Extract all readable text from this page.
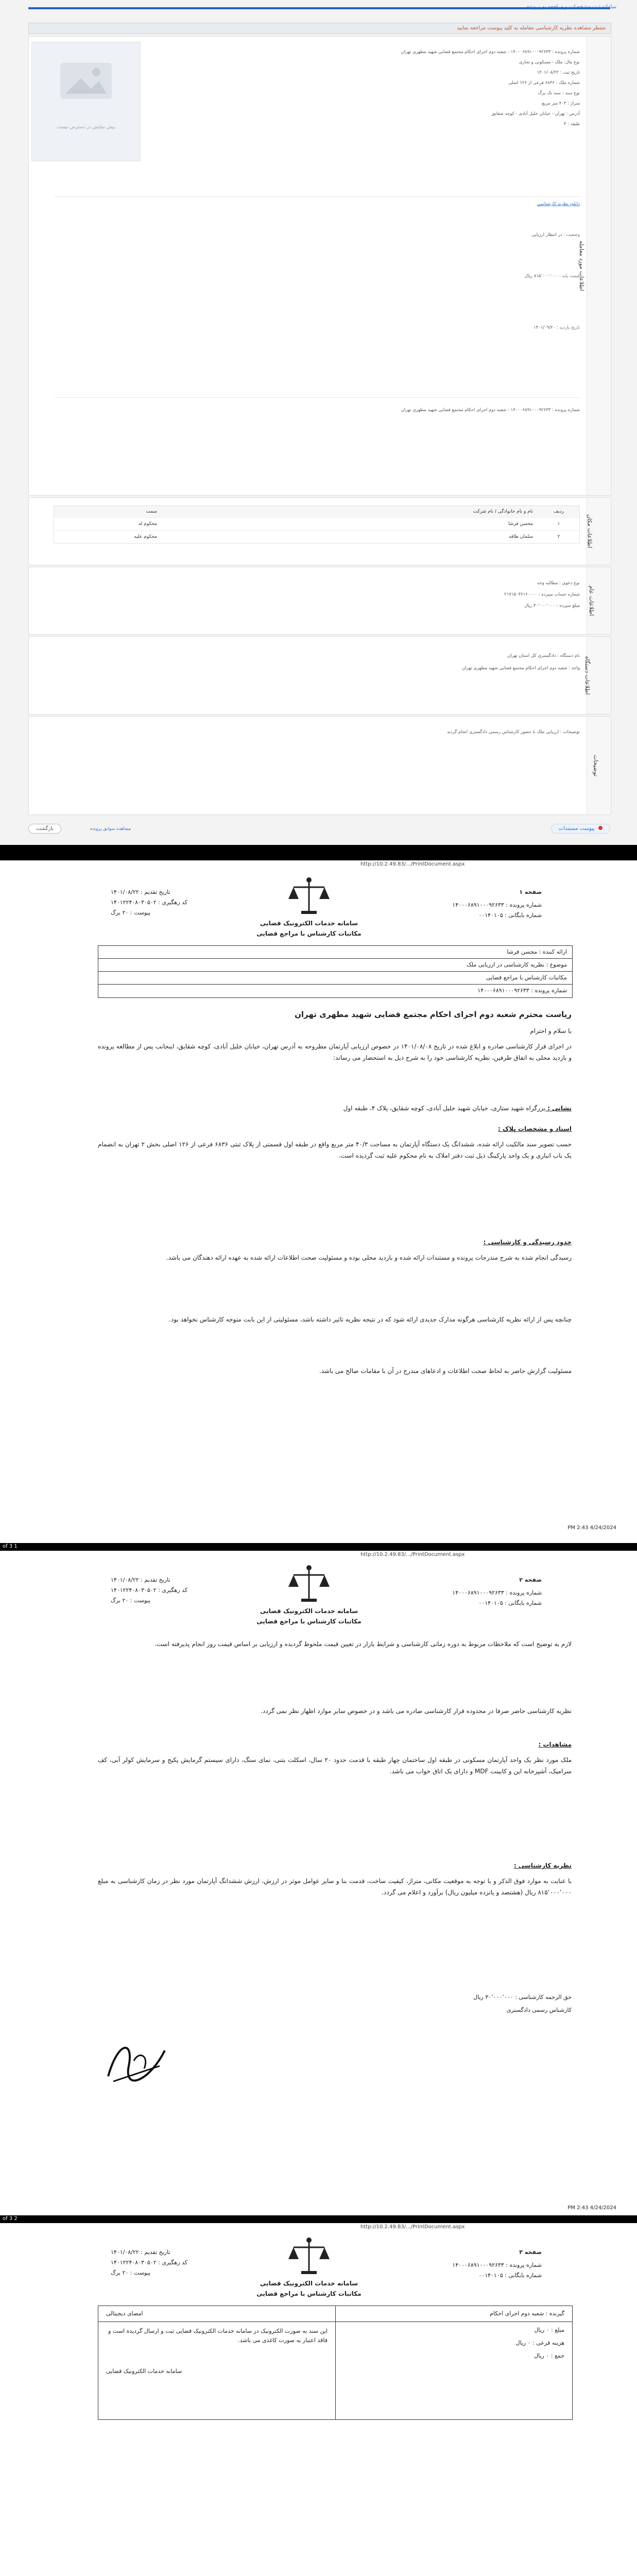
سامانه ثبت مشخصات و مراجعه به پرونده
منتظر مشاهده نظریه کارشناسی معامله به کلید پیوست مراجعه نمایید
اطلاعات مورد معامله
پیش نمایش در دسترس نیست
شماره پرونده : ۱۴۰۰۰۶۸۹۱۰۰۰۹۲۶۳۳ - شعبه دوم اجرای احکام مجتمع قضایی شهید مطهری تهران
نوع مال: ملک - مسکونی و تجاری
تاریخ ثبت : ۱۴۰۱/۰۸/۲۲
شماره ملک : ۶۸۳۶ فرعی از ۱۲۶ اصلی
نوع سند : سند تک برگ
متراژ : ۴۰۳ متر مربع
آدرس : تهران - خیابان خلیل آبادی - کوچه شقایق
طبقه : ۳
دانلود نظریه کارشناسی
وضعیت : در انتظار ارزیابی
قیمت پایه : ۸۱۵٬۰۰۰٬۰۰۰ ریال
تاریخ بازدید : ۱۴۰۱/۰۹/۲۰
شماره پرونده : ۱۴۰۰۰۶۸۹۱۰۰۰۹۲۶۳۳ - شعبه دوم اجرای احکام مجتمع قضایی شهید مطهری تهران
اطلاعات مکان
ردیف
نام و نام خانوادگی / نام شرکت
سمت
۱
محسن فرشا
محکوم له
۲
سلمان طاقه
محکوم علیه
اطلاعات عام
نوع دعوی : مطالبه وجه
شماره حساب سپرده : ۲۱۷۱۵۰۳۶۱۶۰۰۰۰
مبلغ سپرده : ۳۰٬۰۰۰٬۰۰۰ ریال
اطلاعات دستگاه
نام دستگاه : دادگستری کل استان تهران
واحد : شعبه دوم اجرای احکام مجتمع قضایی شهید مطهری تهران
توضیحات
توضیحات : ارزیابی ملک با حضور کارشناس رسمی دادگستری انجام گردید
پیوست مستندات
بازگشت	مشاهده سوابق پرونده
http://10.2.49.83/.../PrintDocument.aspx
صفحه ۱
شماره پرونده : ۱۴۰۰۰۶۸۹۱۰۰۰۹۲۶۳۳
شماره بایگانی : ۰۰۱۴۰۱۰۵
سامانه خدمات الکترونیک قضایی
مکاتبات کارشناس با مراجع قضایی
تاریخ تقدیم : ۱۴۰۱/۰۸/۲۲
کد رهگیری : ۱۴۰۱۲۲۴۰۸۰۳۰۵۰۲
پیوست : ۲۰ برگ
ارائه کننده : محسن فرشا
موضوع : نظریه کارشناسی در ارزیابی ملک
مکاتبات کارشناس با مراجع قضایی
شماره پرونده : ۱۴۰۰۰۶۸۹۱۰۰۰۹۲۶۳۳
ریاست محترم شعبه دوم اجرای احکام مجتمع قضایی شهید مطهری تهران
با سلام و احترام
در اجرای قرار کارشناسی صادره و ابلاغ شده در تاریخ ۱۴۰۱/۰۸/۰۸ در خصوص ارزیابی آپارتمان مطروحه به آدرس تهران، خیابان خلیل آبادی، کوچه شقایق، اینجانب پس از مطالعه پرونده و بازدید محلی به اتفاق طرفین، نظریه کارشناسی خود را به شرح ذیل به استحضار می رساند:
نشانی : بزرگراه شهید ستاری، خیابان شهید خلیل آبادی، کوچه شقایق، پلاک ۴، طبقه اول
اسناد و مشخصات پلاک :
حسب تصویر سند مالکیت ارائه شده، ششدانگ یک دستگاه آپارتمان به مساحت ۴۰/۳ متر مربع واقع در طبقه اول قسمتی از پلاک ثبتی ۶۸۳۶ فرعی از ۱۲۶ اصلی بخش ۲ تهران به انضمام یک باب انباری و یک واحد پارکینگ ذیل ثبت دفتر املاک به نام محکوم علیه ثبت گردیده است.
حدود رسیدگی و کارشناسی :
رسیدگی انجام شده به شرح مندرجات پرونده و مستندات ارائه شده و بازدید محلی بوده و مسئولیت صحت اطلاعات ارائه شده به عهده ارائه دهندگان می باشد.
چنانچه پس از ارائه نظریه کارشناسی هرگونه مدارک جدیدی ارائه شود که در نتیجه نظریه تاثیر داشته باشد، مسئولیتی از این بابت متوجه کارشناس نخواهد بود.
مسئولیت گزارش حاضر به لحاظ صحت اطلاعات و ادعاهای مندرج در آن با مقامات صالح می باشد.
4/24/2024 2:43 PM
1 of 3
http://10.2.49.83/.../PrintDocument.aspx
صفحه ۲
شماره پرونده : ۱۴۰۰۰۶۸۹۱۰۰۰۹۲۶۳۳
شماره بایگانی : ۰۰۱۴۰۱۰۵
سامانه خدمات الکترونیک قضایی
مکاتبات کارشناس با مراجع قضایی
تاریخ تقدیم : ۱۴۰۱/۰۸/۲۲
کد رهگیری : ۱۴۰۱۲۲۴۰۸۰۳۰۵۰۲
پیوست : ۲۰ برگ
لازم به توضیح است که ملاحظات مربوط به دوره زمانی کارشناسی و شرایط بازار در تعیین قیمت ملحوظ گردیده و ارزیابی بر اساس قیمت روز انجام پذیرفته است.
نظریه کارشناسی حاضر صرفا در محدوده قرار کارشناسی صادره می باشد و در خصوص سایر موارد اظهار نظر نمی گردد.
مشاهدات :
ملک مورد نظر یک واحد آپارتمان مسکونی در طبقه اول ساختمان چهار طبقه با قدمت حدود ۲۰ سال، اسکلت بتنی، نمای سنگ، دارای سیستم گرمایش پکیج و سرمایش کولر آبی، کف سرامیک، آشپزخانه اپن و کابینت MDF و دارای یک اتاق خواب می باشد.
نظریه کارشناسی :
با عنایت به موارد فوق الذکر و با توجه به موقعیت مکانی، متراژ، کیفیت ساخت، قدمت بنا و سایر عوامل موثر در ارزش، ارزش ششدانگ آپارتمان مورد نظر در زمان کارشناسی به مبلغ ۸۱۵٬۰۰۰٬۰۰۰ ریال (هشتصد و پانزده میلیون ریال) برآورد و اعلام می گردد.
حق الزحمه کارشناسی : ۳۰٬۰۰۰٬۰۰۰ ریال
کارشناس رسمی دادگستری
4/24/2024 2:43 PM
2 of 3
http://10.2.49.83/.../PrintDocument.aspx
صفحه ۳
شماره پرونده : ۱۴۰۰۰۶۸۹۱۰۰۰۹۲۶۳۳
شماره بایگانی : ۰۰۱۴۰۱۰۵
سامانه خدمات الکترونیک قضایی
مکاتبات کارشناس با مراجع قضایی
تاریخ تقدیم : ۱۴۰۱/۰۸/۲۲
کد رهگیری : ۱۴۰۱۲۲۴۰۸۰۳۰۵۰۲
پیوست : ۲۰ برگ
امضای دیجیتالی
این سند به صورت الکترونیک در سامانه خدمات الکترونیک قضایی ثبت و ارسال گردیده است و فاقد اعتبار به صورت کاغذی می باشد.
سامانه خدمات الکترونیک قضایی
گیرنده : شعبه دوم اجرای احکام
مبلغ : ۰ ریال
هزینه فرعی : ۰ ریال
جمع : ۰ ریال
